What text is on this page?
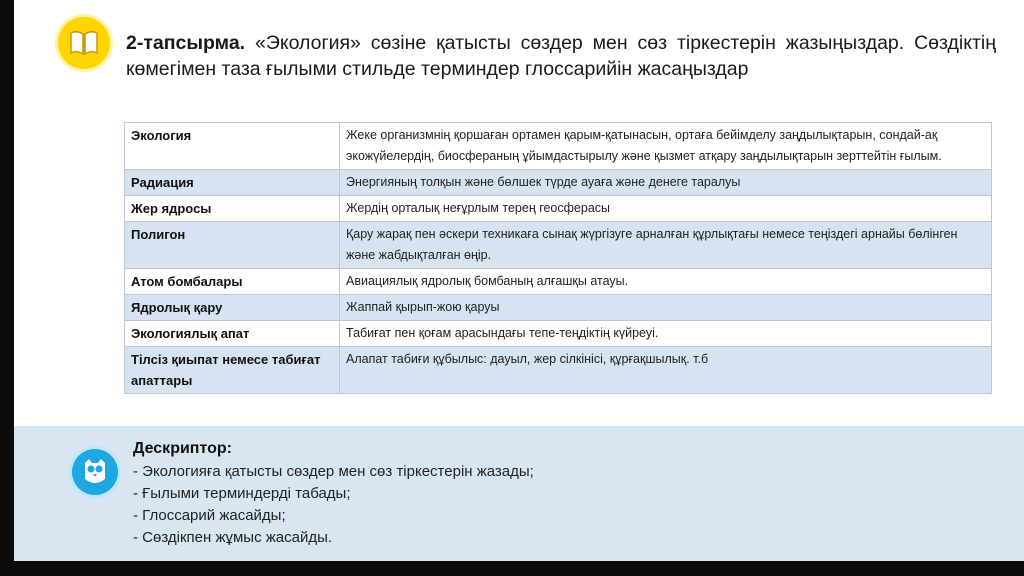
2-тапсырма. «Экология» сөзіне қатысты сөздер мен сөз тіркестерін жазыңыздар. Сөздіктің көмегімен таза ғылыми стильде терминдер глоссарийін жасаңыздар
Экология	Жеке организмнің қоршаған ортамен қарым-қатынасын, ортаға бейімделу заңдылықтарын, сондай-ақ экожүйелердің, биосфераның ұйымдастырылу және қызмет атқару заңдылықтарын зерттейтін ғылым.
Радиация	Энергияның толқын және бөлшек түрде ауаға және денеге таралуы
Жер ядросы	Жердің орталық неғұрлым терең геосферасы
Полигон	Қару жарақ пен әскери техникаға сынақ жүргізуге арналған құрлықтағы немесе теңіздегі арнайы бөлінген және жабдықталған өңір.
Атом бомбалары	Авиациялық ядролық бомбаның алғашқы атауы.
Ядролық қару	Жаппай қырып-жою қаруы
Экологиялық апат	Табиғат пен қоғам арасындағы тепе-теңдіктің күйреуі.
Тілсіз қиыпат немесе табиғат апаттары	Алапат табиғи құбылыс: дауыл, жер сілкінісі, құрғақшылық. т.б
Дескриптор:
- Экологияға қатысты сөздер мен сөз тіркестерін жазады;
- Ғылыми терминдерді табады;
- Глоссарий жасайды;
- Сөздікпен жұмыс жасайды.
